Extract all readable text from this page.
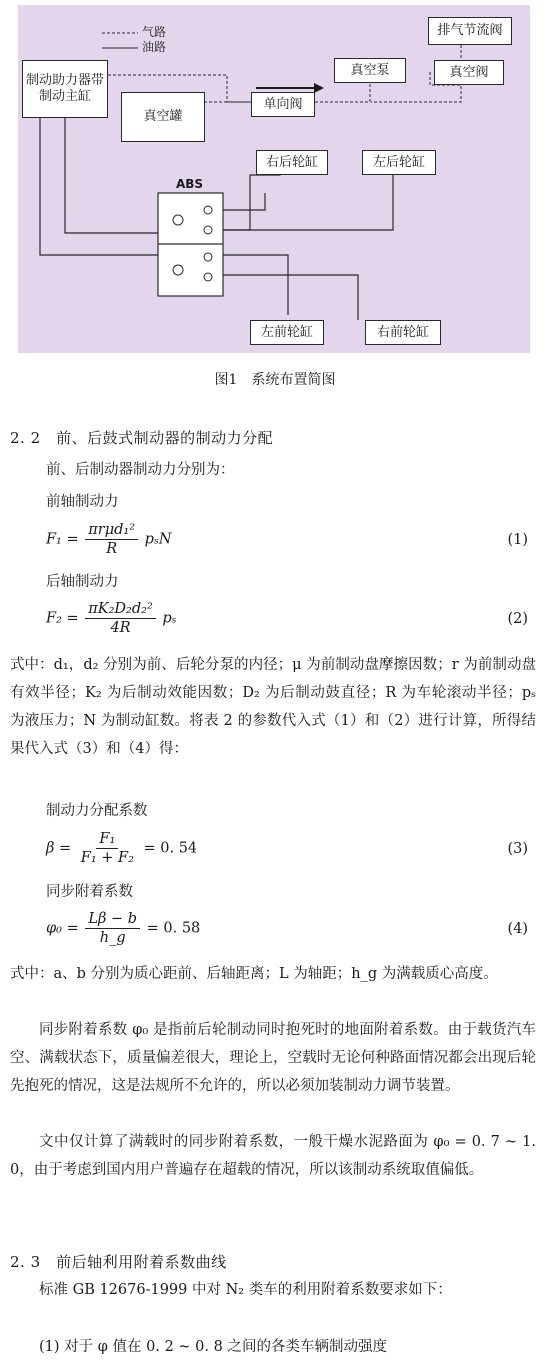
气路
油路
制动助力器带制动主缸
真空罐
单向阀
真空泵	真空阀
排气节流阀
ABS
右后轮缸	左后轮缸
左前轮缸	右前轮缸
图1　系统布置简图
2. 2　前、后鼓式制动器的制动力分配
前、后制动器制动力分别为：
前轴制动力
$F_1 = \frac{\text{πrμd₁²}}{R}$ pₛN	(1)
后轴制动力
$F_2 = \frac{\text{πK₂D₂d₂²}}{4R}$ pₛ	(2)
式中：d₁，d₂ 分别为前、后轮分泵的内径；μ 为前制动盘摩擦因数；r 为前制动盘有效半径；K₂ 为后制动效能因数；D₂ 为后制动鼓直径；R 为车轮滚动半径；pₛ 为液压力；N 为制动缸数。将表 2 的参数代入式（1）和（2）进行计算，所得结果代入式（3）和（4）得：
制动力分配系数
$\beta = \frac{\text{F₁}}{\text{F₁ + F₂}} = 0$. 54	(3)
同步附着系数
$\varphi_0 = \frac{L\beta - b}{h\_g} = 0$. 58	(4)
式中：a、b 分别为质心距前、后轴距离；L 为轴距；h_g 为满载质心高度。
同步附着系数 φ₀ 是指前后轮制动同时抱死时的地面附着系数。由于载货汽车空、满载状态下，质量偏差很大，理论上，空载时无论何种路面情况都会出现后轮先抱死的情况，这是法规所不允许的，所以必须加装制动力调节装置。
文中仅计算了满载时的同步附着系数，一般干燥水泥路面为 φ₀ = 0. 7 ~ 1. 0，由于考虑到国内用户普遍存在超载的情况，所以该制动系统取值偏低。
2. 3　前后轴利用附着系数曲线
标准 GB 12676-1999 中对 N₂ 类车的利用附着系数要求如下：
(1) 对于 φ 值在 0. 2 ~ 0. 8 之间的各类车辆制动强度
